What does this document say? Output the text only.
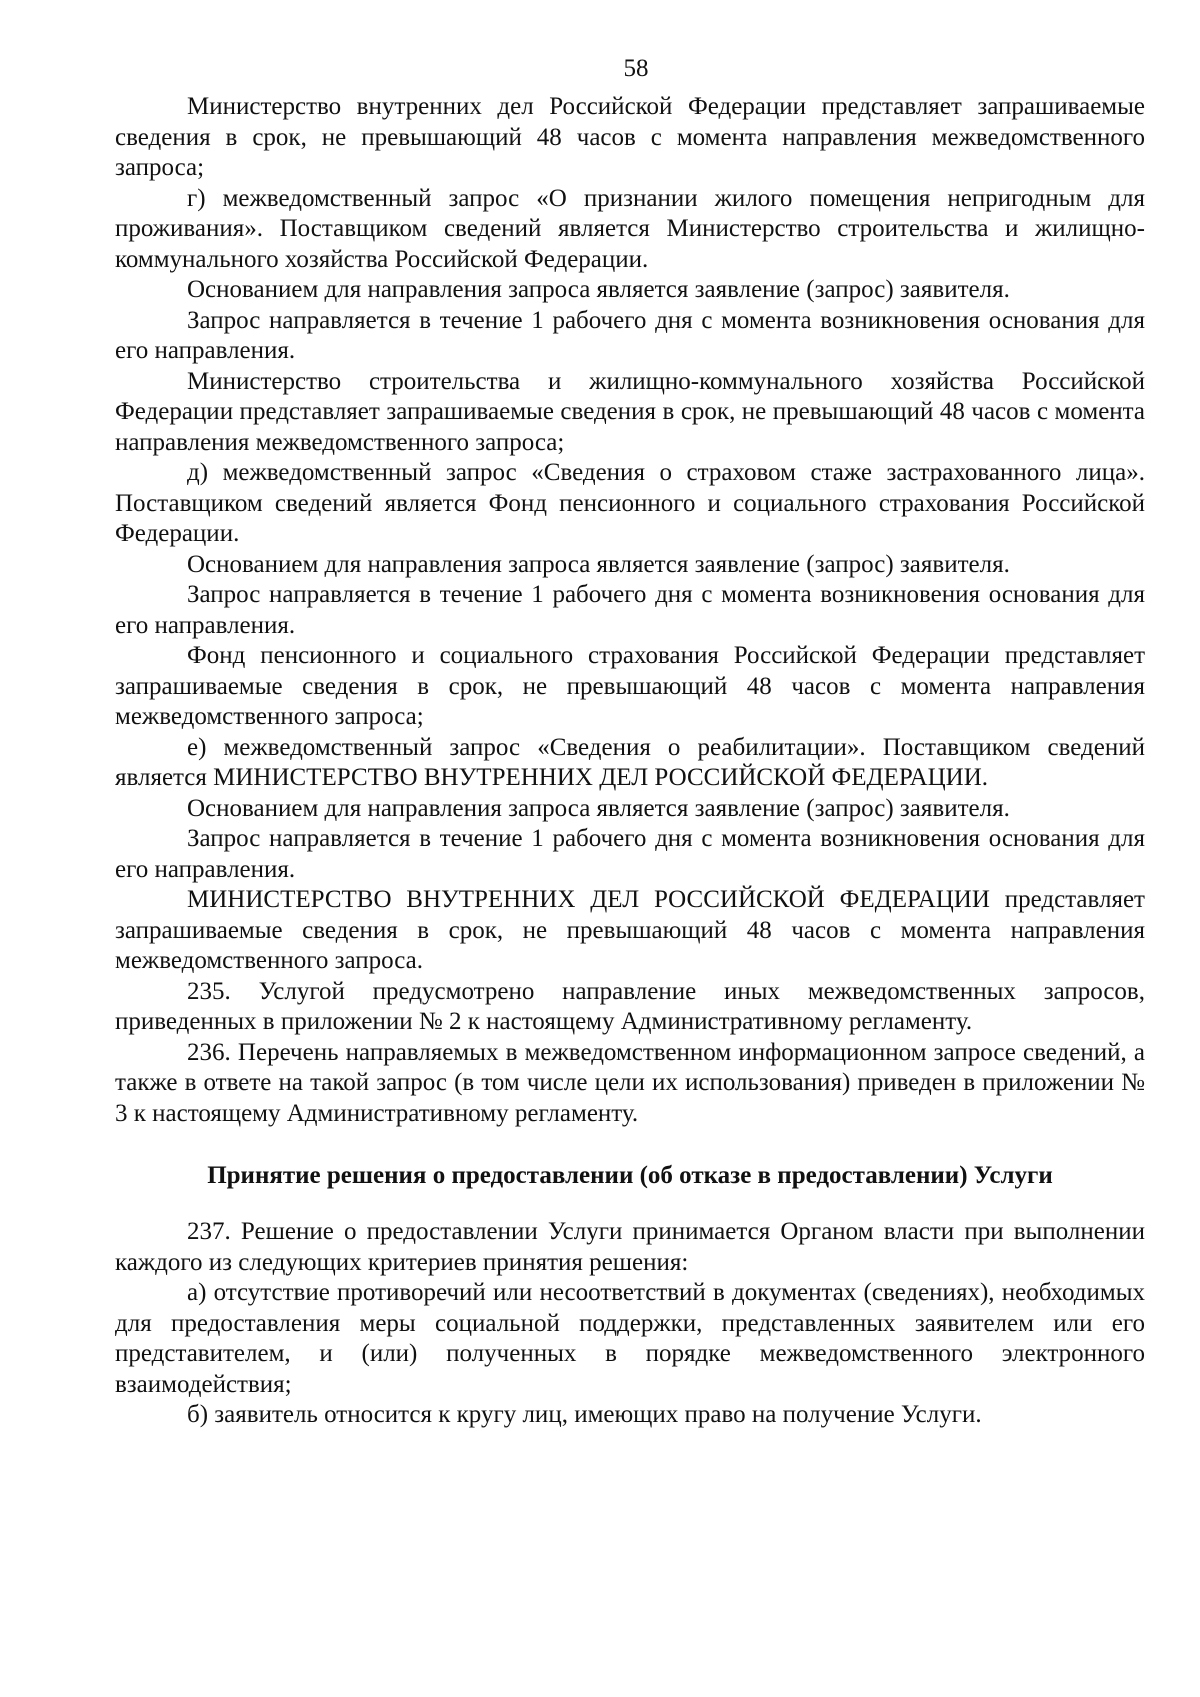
58

Министерство внутренних дел Российской Федерации представляет запрашиваемые сведения в срок, не превышающий 48 часов с момента направления межведомственного запроса;

г) межведомственный запрос «О признании жилого помещения непригодным для проживания». Поставщиком сведений является Министерство строительства и жилищно-коммунального хозяйства Российской Федерации.

Основанием для направления запроса является заявление (запрос) заявителя.

Запрос направляется в течение 1 рабочего дня с момента возникновения основания для его направления.

Министерство строительства и жилищно-коммунального хозяйства Российской Федерации представляет запрашиваемые сведения в срок, не превышающий 48 часов с момента направления межведомственного запроса;

д) межведомственный запрос «Сведения о страховом стаже застрахованного лица». Поставщиком сведений является Фонд пенсионного и социального страхования Российской Федерации.

Основанием для направления запроса является заявление (запрос) заявителя.

Запрос направляется в течение 1 рабочего дня с момента возникновения основания для его направления.

Фонд пенсионного и социального страхования Российской Федерации представляет запрашиваемые сведения в срок, не превышающий 48 часов с момента направления межведомственного запроса;

е) межведомственный запрос «Сведения о реабилитации». Поставщиком сведений является МИНИСТЕРСТВО ВНУТРЕННИХ ДЕЛ РОССИЙСКОЙ ФЕДЕРАЦИИ.

Основанием для направления запроса является заявление (запрос) заявителя.

Запрос направляется в течение 1 рабочего дня с момента возникновения основания для его направления.

МИНИСТЕРСТВО ВНУТРЕННИХ ДЕЛ РОССИЙСКОЙ ФЕДЕРАЦИИ представляет запрашиваемые сведения в срок, не превышающий 48 часов с момента направления межведомственного запроса.

235. Услугой предусмотрено направление иных межведомственных запросов, приведенных в приложении № 2 к настоящему Административному регламенту.

236. Перечень направляемых в межведомственном информационном запросе сведений, а также в ответе на такой запрос (в том числе цели их использования) приведен в приложении № 3 к настоящему Административному регламенту.

Принятие решения о предоставлении (об отказе в предоставлении) Услуги

237. Решение о предоставлении Услуги принимается Органом власти при выполнении каждого из следующих критериев принятия решения:

а) отсутствие противоречий или несоответствий в документах (сведениях), необходимых для предоставления меры социальной поддержки, представленных заявителем или его представителем, и (или) полученных в порядке межведомственного электронного взаимодействия;

б) заявитель относится к кругу лиц, имеющих право на получение Услуги.
